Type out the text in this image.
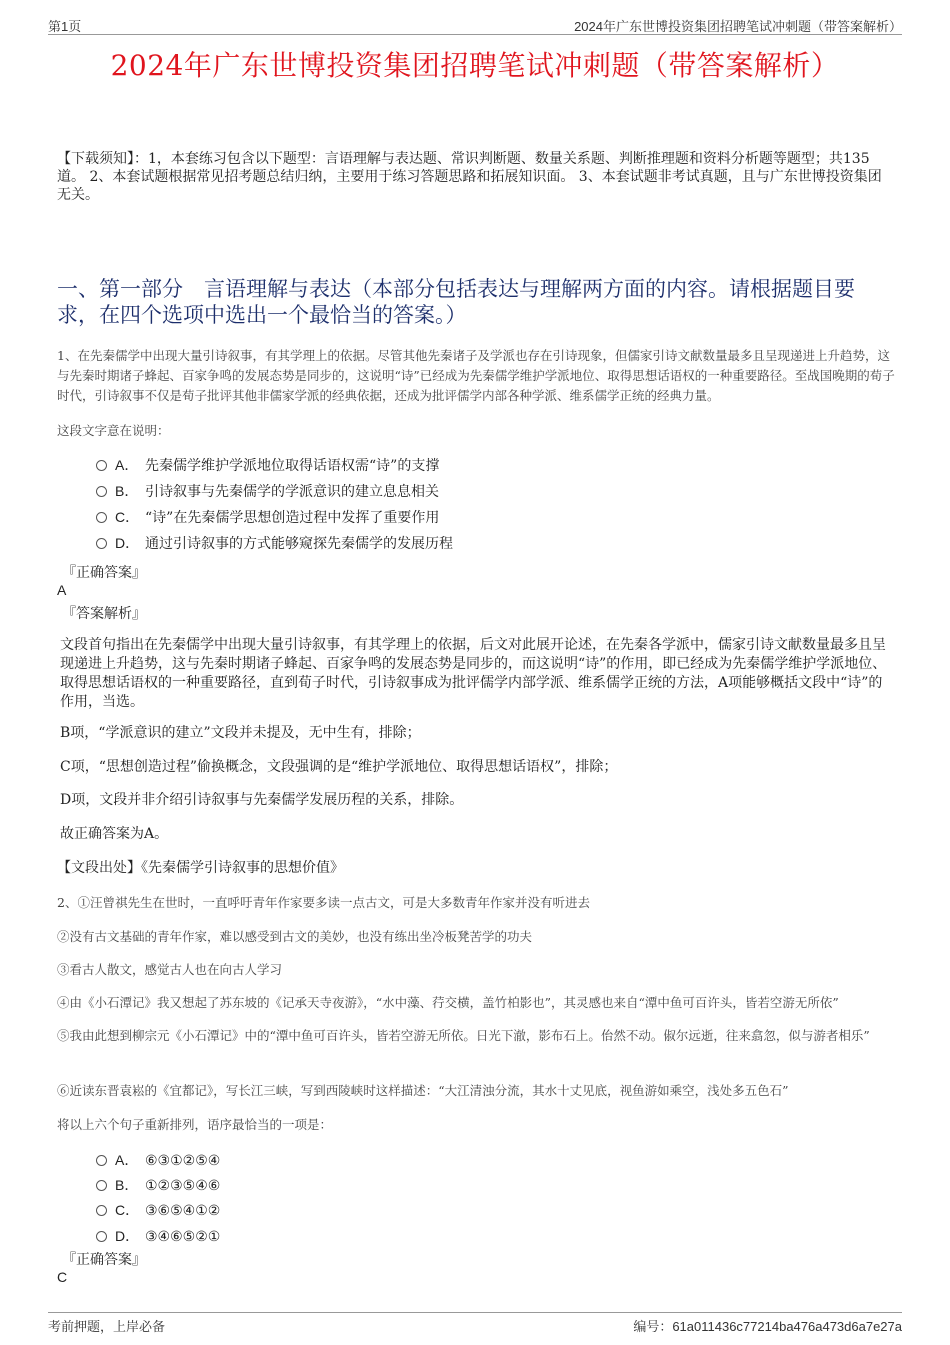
第1页	2024年广东世博投资集团招聘笔试冲刺题（带答案解析）
2024年广东世博投资集团招聘笔试冲刺题（带答案解析）
【下载须知】：1，本套练习包含以下题型：言语理解与表达题、常识判断题、数量关系题、判断推理题和资料分析题等题型；共135道。 2、本套试题根据常见招考题总结归纳，主要用于练习答题思路和拓展知识面。 3、本套试题非考试真题，且与广东世博投资集团无关。
一、第一部分　言语理解与表达（本部分包括表达与理解两方面的内容。请根据题目要求，在四个选项中选出一个最恰当的答案。）
1、在先秦儒学中出现大量引诗叙事，有其学理上的依据。尽管其他先秦诸子及学派也存在引诗现象，但儒家引诗文献数量最多且呈现递进上升趋势，这与先秦时期诸子蜂起、百家争鸣的发展态势是同步的，这说明“诗”已经成为先秦儒学维护学派地位、取得思想话语权的一种重要路径。至战国晚期的荀子时代，引诗叙事不仅是荀子批评其他非儒家学派的经典依据，还成为批评儒学内部各种学派、维系儒学正统的经典力量。
这段文字意在说明：
A． 先秦儒学维护学派地位取得话语权需“诗”的支撑
B． 引诗叙事与先秦儒学的学派意识的建立息息相关
C． “诗”在先秦儒学思想创造过程中发挥了重要作用
D． 通过引诗叙事的方式能够窥探先秦儒学的发展历程
『正确答案』
A
『答案解析』
文段首句指出在先秦儒学中出现大量引诗叙事，有其学理上的依据，后文对此展开论述，在先秦各学派中，儒家引诗文献数量最多且呈现递进上升趋势，这与先秦时期诸子蜂起、百家争鸣的发展态势是同步的，而这说明“诗”的作用，即已经成为先秦儒学维护学派地位、取得思想话语权的一种重要路径，直到荀子时代，引诗叙事成为批评儒学内部学派、维系儒学正统的方法，A项能够概括文段中“诗”的作用，当选。
B项，“学派意识的建立”文段并未提及，无中生有，排除；
C项，“思想创造过程”偷换概念，文段强调的是“维护学派地位、取得思想话语权”，排除；
D项，文段并非介绍引诗叙事与先秦儒学发展历程的关系，排除。
故正确答案为A。
【文段出处】《先秦儒学引诗叙事的思想价值》
2、①汪曾祺先生在世时，一直呼吁青年作家要多读一点古文，可是大多数青年作家并没有听进去
②没有古文基础的青年作家，难以感受到古文的美妙，也没有练出坐冷板凳苦学的功夫
③看古人散文，感觉古人也在向古人学习
④由《小石潭记》我又想起了苏东坡的《记承天寺夜游》，“水中藻、荇交横，盖竹柏影也”，其灵感也来自“潭中鱼可百许头，皆若空游无所依”
⑤我由此想到柳宗元《小石潭记》中的“潭中鱼可百许头，皆若空游无所依。日光下澈，影布石上。佁然不动。俶尔远逝，往来翕忽，似与游者相乐”
⑥近读东晋袁崧的《宜都记》，写长江三峡，写到西陵峡时这样描述：“大江清浊分流，其水十丈见底，视鱼游如乘空，浅处多五色石”
将以上六个句子重新排列，语序最恰当的一项是：
A． ⑥③①②⑤④
B． ①②③⑤④⑥
C． ③⑥⑤④①②
D． ③④⑥⑤②①
『正确答案』
C
考前押题，上岸必备	编号：61a011436c77214ba476a473d6a7e27a
